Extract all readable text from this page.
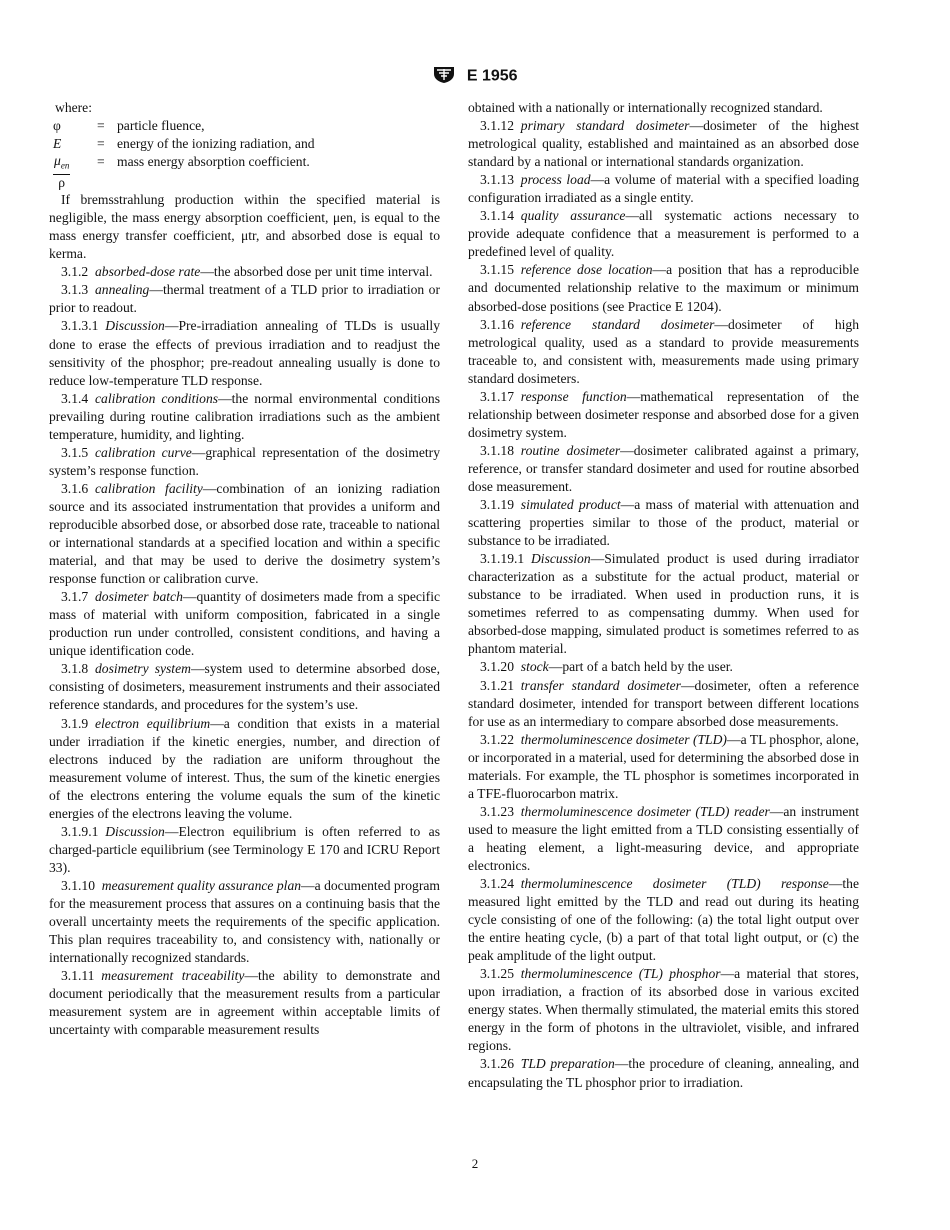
E 1956

where:

φ	= particle fluence,
E	= energy of the ionizing radiation, and
$\frac{\mu_{en}}{\rho}$ = mass energy absorption coefficient.

If bremsstrahlung production within the specified material is negligible, the mass energy absorption coefficient, μen, is equal to the mass energy transfer coefficient, μtr, and absorbed dose is equal to kerma.

3.1.2  absorbed-dose rate—the absorbed dose per unit time interval.

3.1.3  annealing—thermal treatment of a TLD prior to irradiation or prior to readout.

3.1.3.1  Discussion—Pre-irradiation annealing of TLDs is usually done to erase the effects of previous irradiation and to readjust the sensitivity of the phosphor; pre-readout annealing usually is done to reduce low-temperature TLD response.

3.1.4  calibration conditions—the normal environmental conditions prevailing during routine calibration irradiations such as the ambient temperature, humidity, and lighting.

3.1.5  calibration curve—graphical representation of the dosimetry system’s response function.

3.1.6  calibration facility—combination of an ionizing radiation source and its associated instrumentation that provides a uniform and reproducible absorbed dose, or absorbed dose rate, traceable to national or international standards at a specified location and within a specific material, and that may be used to derive the dosimetry system’s response function or calibration curve.

3.1.7  dosimeter batch—quantity of dosimeters made from a specific mass of material with uniform composition, fabricated in a single production run under controlled, consistent conditions, and having a unique identification code.

3.1.8  dosimetry system—system used to determine absorbed dose, consisting of dosimeters, measurement instruments and their associated reference standards, and procedures for the system’s use.

3.1.9  electron equilibrium—a condition that exists in a material under irradiation if the kinetic energies, number, and direction of electrons induced by the radiation are uniform throughout the measurement volume of interest. Thus, the sum of the kinetic energies of the electrons entering the volume equals the sum of the kinetic energies of the electrons leaving the volume.

3.1.9.1  Discussion—Electron equilibrium is often referred to as charged-particle equilibrium (see Terminology E 170 and ICRU Report 33).

3.1.10  measurement quality assurance plan—a documented program for the measurement process that assures on a continuing basis that the overall uncertainty meets the requirements of the specific application. This plan requires traceability to, and consistency with, nationally or internationally recognized standards.

3.1.11  measurement traceability—the ability to demonstrate and document periodically that the measurement results from a particular measurement system are in agreement within acceptable limits of uncertainty with comparable measurement results

obtained with a nationally or internationally recognized standard.

3.1.12  primary standard dosimeter—dosimeter of the highest metrological quality, established and maintained as an absorbed dose standard by a national or international standards organization.

3.1.13  process load—a volume of material with a specified loading configuration irradiated as a single entity.

3.1.14  quality assurance—all systematic actions necessary to provide adequate confidence that a measurement is performed to a predefined level of quality.

3.1.15  reference dose location—a position that has a reproducible and documented relationship relative to the maximum or minimum absorbed-dose positions (see Practice E 1204).

3.1.16  reference standard dosimeter—dosimeter of high metrological quality, used as a standard to provide measurements traceable to, and consistent with, measurements made using primary standard dosimeters.

3.1.17  response function—mathematical representation of the relationship between dosimeter response and absorbed dose for a given dosimetry system.

3.1.18  routine dosimeter—dosimeter calibrated against a primary, reference, or transfer standard dosimeter and used for routine absorbed dose measurement.

3.1.19  simulated product—a mass of material with attenuation and scattering properties similar to those of the product, material or substance to be irradiated.

3.1.19.1  Discussion—Simulated product is used during irradiator characterization as a substitute for the actual product, material or substance to be irradiated. When used in production runs, it is sometimes referred to as compensating dummy. When used for absorbed-dose mapping, simulated product is sometimes referred to as phantom material.

3.1.20  stock—part of a batch held by the user.

3.1.21  transfer standard dosimeter—dosimeter, often a reference standard dosimeter, intended for transport between different locations for use as an intermediary to compare absorbed dose measurements.

3.1.22  thermoluminescence dosimeter (TLD)—a TL phosphor, alone, or incorporated in a material, used for determining the absorbed dose in materials. For example, the TL phosphor is sometimes incorporated in a TFE-fluorocarbon matrix.

3.1.23  thermoluminescence dosimeter (TLD) reader—an instrument used to measure the light emitted from a TLD consisting essentially of a heating element, a light-measuring device, and appropriate electronics.

3.1.24  thermoluminescence dosimeter (TLD) response—the measured light emitted by the TLD and read out during its heating cycle consisting of one of the following: (a) the total light output over the entire heating cycle, (b) a part of that total light output, or (c) the peak amplitude of the light output.

3.1.25  thermoluminescence (TL) phosphor—a material that stores, upon irradiation, a fraction of its absorbed dose in various excited energy states. When thermally stimulated, the material emits this stored energy in the form of photons in the ultraviolet, visible, and infrared regions.

3.1.26  TLD preparation—the procedure of cleaning, annealing, and encapsulating the TL phosphor prior to irradiation.

2
